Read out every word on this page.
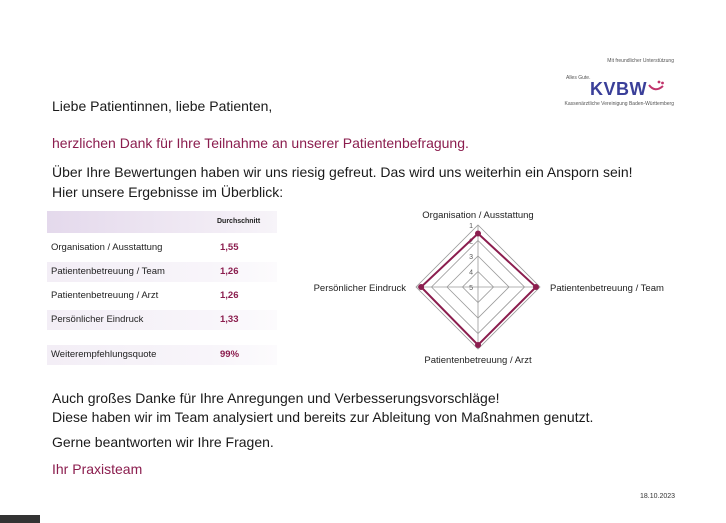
Mit freundlicher Unterstützung
Alles Gute.
KVBW
Kassenärztliche Vereinigung Baden-Württemberg
Liebe Patientinnen, liebe Patienten,
herzlichen Dank für Ihre Teilnahme an unserer Patientenbefragung.
Über Ihre Bewertungen haben wir uns riesig gefreut. Das wird uns weiterhin ein Ansporn sein!
Hier unsere Ergebnisse im Überblick:
Durchschnitt
Organisation / Ausstattung	1,55
Patientenbetreuung / Team	1,26
Patientenbetreuung / Arzt	1,26
Persönlicher Eindruck	1,33
Weiterempfehlungsquote	99%
1
2
3
4
5
Organisation / Ausstattung
Patientenbetreuung / Team
Patientenbetreuung / Arzt
Persönlicher Eindruck
Auch großes Danke für Ihre Anregungen und Verbesserungsvorschläge!
Diese haben wir im Team analysiert und bereits zur Ableitung von Maßnahmen genutzt.
Gerne beantworten wir Ihre Fragen.
Ihr Praxisteam
18.10.2023
